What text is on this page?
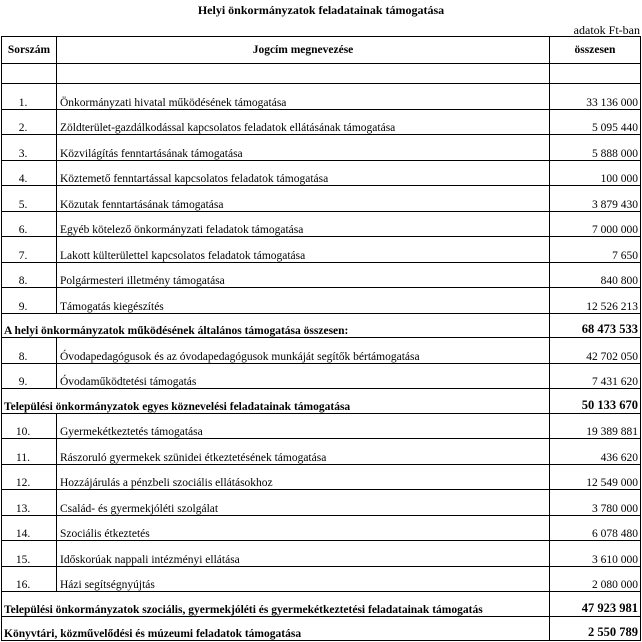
Helyi önkormányzatok feladatainak támogatása
adatok Ft-ban
Sorszám	Jogcím megnevezése	összesen

1.	Önkormányzati hivatal működésének támogatása	33 136 000
2.	Zöldterület-gazdálkodással kapcsolatos feladatok ellátásának támogatása	5 095 440
3.	Közvilágítás fenntartásának támogatása	5 888 000
4.	Köztemető fenntartással kapcsolatos feladatok támogatása	100 000
5.	Közutak fenntartásának támogatása	3 879 430
6.	Egyéb kötelező önkormányzati feladatok támogatása	7 000 000
7.	Lakott külterülettel kapcsolatos feladatok támogatása	7 650
8.	Polgármesteri illetmény támogatása	840 800
9.	Támogatás kiegészítés	12 526 213
A helyi önkormányzatok működésének általános támogatása összesen:		68 473 533
8.	Óvodapedagógusok és az óvodapedagógusok munkáját segítők bértámogatása	42 702 050
9.	Óvodaműködtetési támogatás	7 431 620
Települési önkormányzatok egyes köznevelési feladatainak támogatása		50 133 670
10.	Gyermekétkeztetés támogatása	19 389 881
11.	Rászoruló gyermekek szünidei étkeztetésének támogatása	436 620
12.	Hozzájárulás a pénzbeli szociális ellátásokhoz	12 549 000
13.	Család- és gyermekjóléti szolgálat	3 780 000
14.	Szociális étkeztetés	6 078 480
15.	Időskorúak nappali intézményi ellátása	3 610 000
16.	Házi segítségnyújtás	2 080 000
Települési önkormányzatok szociális, gyermekjóléti és gyermekétkeztetési feladatainak támogatás		47 923 981
Könyvtári, közművelődési és múzeumi feladatok támogatása		2 550 789
